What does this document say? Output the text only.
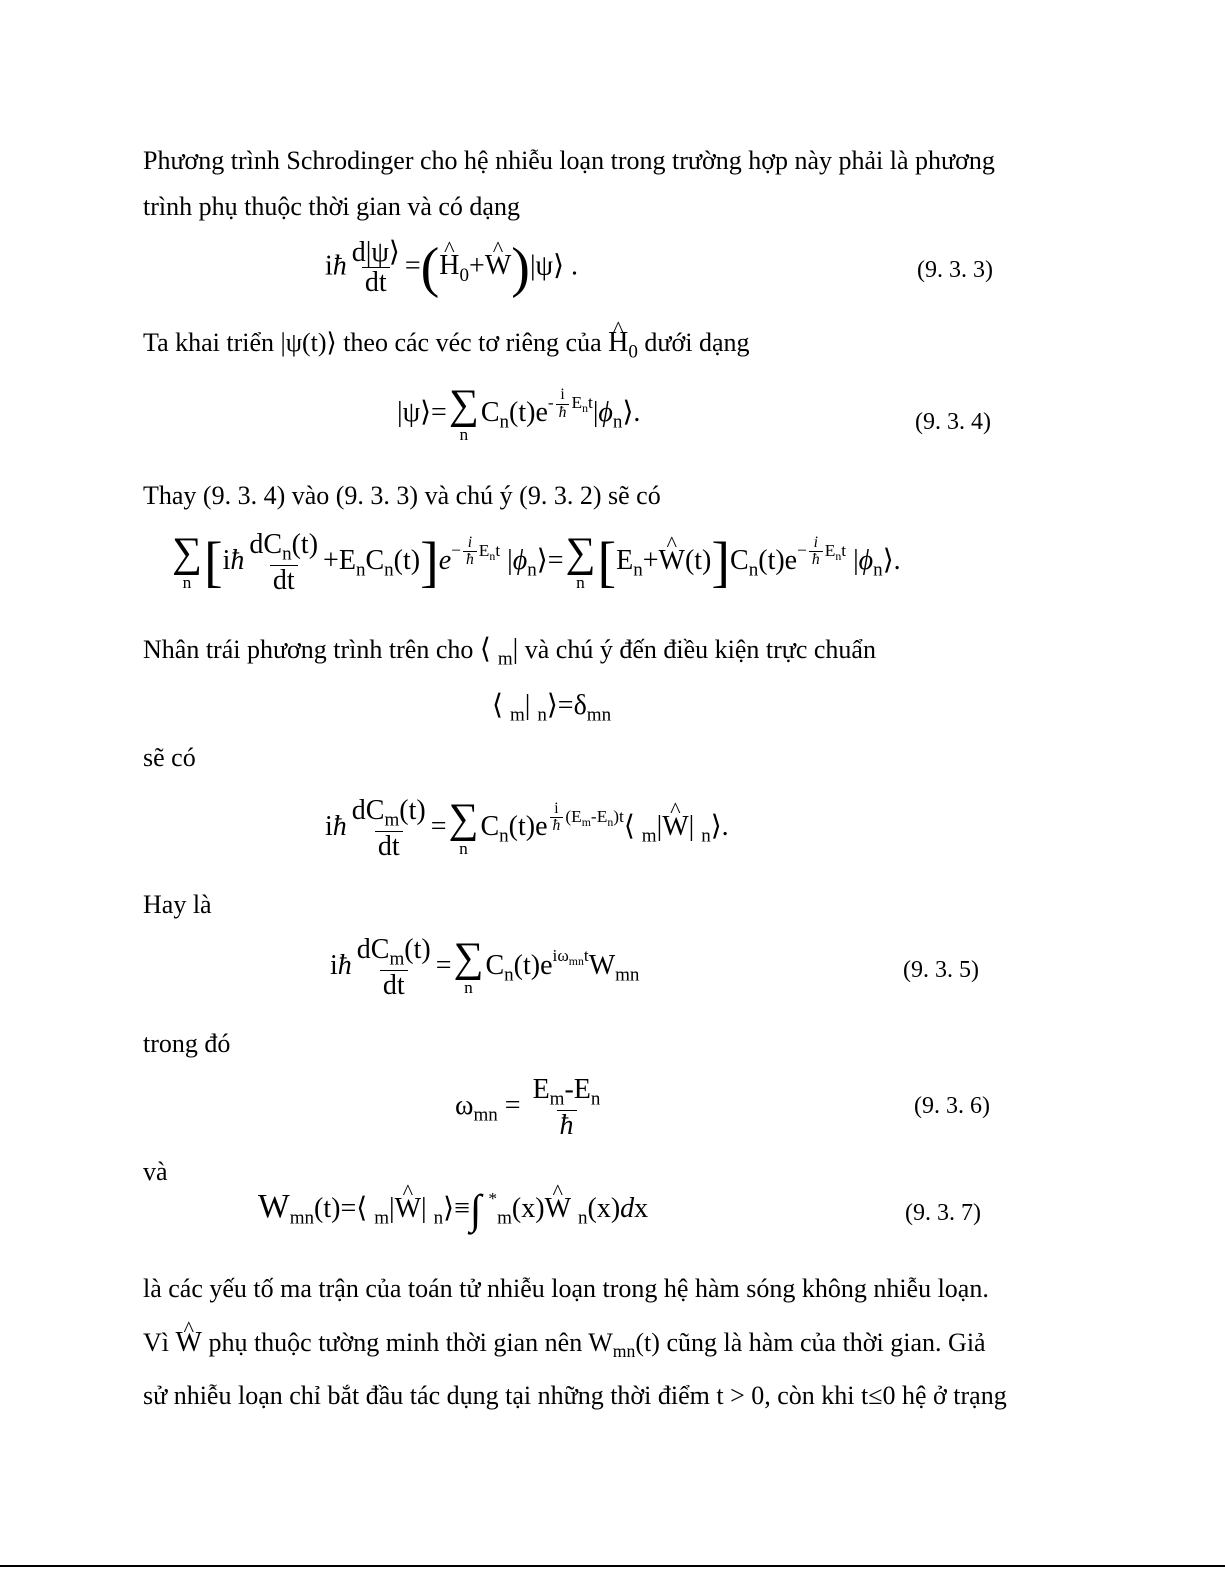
Phương trình Schrodinger cho hệ nhiễu loạn trong trường hợp này phải là phương
trình phụ thuộc thời gian và có dạng
iħ $\frac{d|\psi⟩}{dt}$ =(^ $H_0+\^{}$ W)|ψ⟩ .	(9. 3. 3)
Ta khai triển |ψ(t)⟩ theo các véc tơ riêng của ^ $H_0$ dưới dạng
|ψ⟩= ∑
n
$C_n(t)e^{- \frac{i}{ħ} E_nt}|\phi_n⟩$.	(9. 3. 4)
Thay (9. 3. 4) vào (9. 3. 3) và chú ý (9. 3. 2) sẽ có
∑
n [iħ $\frac{dC_n(t)}{dt} +E_nC_n(t)]e^{- \frac{i}{ħ} E_nt}$ $|\phi_n⟩=$ ∑
n [$E_n+\^{}$ $W(t)]C_n(t)e^{- \frac{i}{ħ} E_nt}$ $|\phi_n⟩$.
Nhân trái phương trình trên cho ⟨ $_m$| và chú ý đến điều kiện trực chuẩn
⟨ $_m$| $_n⟩=\delta_{mn}$
sẽ có
iħ $\frac{dC_m(t)}{dt}$ = ∑
n
$C_n(t)e$ $^{\frac{i}{ħ} (E_m-E_n)t}$⟨ $_m$|^ W| $_n$⟩.
Hay là
iħ $\frac{dC_m(t)}{dt}$ = ∑
n
$C_n(t)e^{i\omega_{mn}t}W_{mn}$	(9. 3. 5)
trong đó
$\omega_{mn} = \frac{E_m-E_n}{ħ}$	(9. 3. 6)
và
$W_{mn}(t)=⟨$ $_m$|^ W| $_n$⟩≡∫ *$_m$(x)^ W $_n$(x)dx	(9. 3. 7)
là các yếu tố ma trận của toán tử nhiễu loạn trong hệ hàm sóng không nhiễu loạn.
Vì ^ W phụ thuộc tường minh thời gian nên $W_{mn}(t)$ cũng là hàm của thời gian. Giả
sử nhiễu loạn chỉ bắt đầu tác dụng tại những thời điểm t > 0, còn khi t≤0 hệ ở trạng
